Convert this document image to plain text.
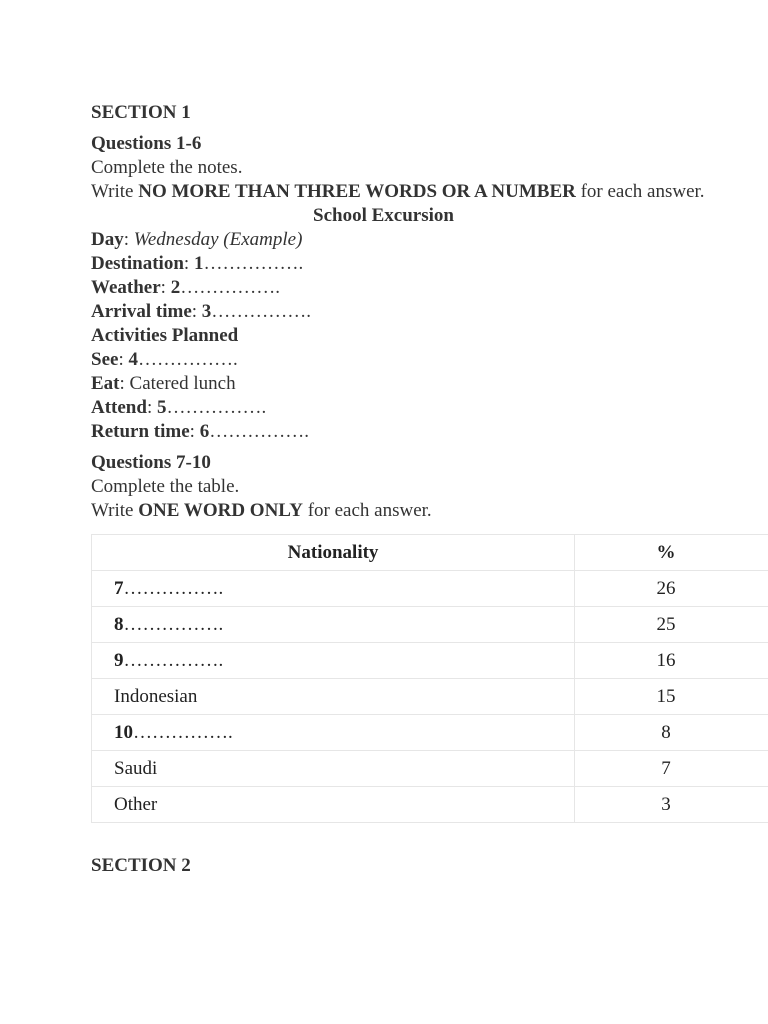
SECTION 1
Questions 1-6
Complete the notes.
Write NO MORE THAN THREE WORDS OR A NUMBER for each answer.
School Excursion
Day: Wednesday (Example)
Destination: 1…………….
Weather: 2…………….
Arrival time: 3…………….
Activities Planned
See: 4…………….
Eat: Catered lunch
Attend: 5…………….
Return time: 6…………….
Questions 7-10
Complete the table.
Write ONE WORD ONLY for each answer.
Nationality	%
7…………….	26
8…………….	25
9…………….	16
Indonesian	15
10…………….	8
Saudi	7
Other	3
SECTION 2
